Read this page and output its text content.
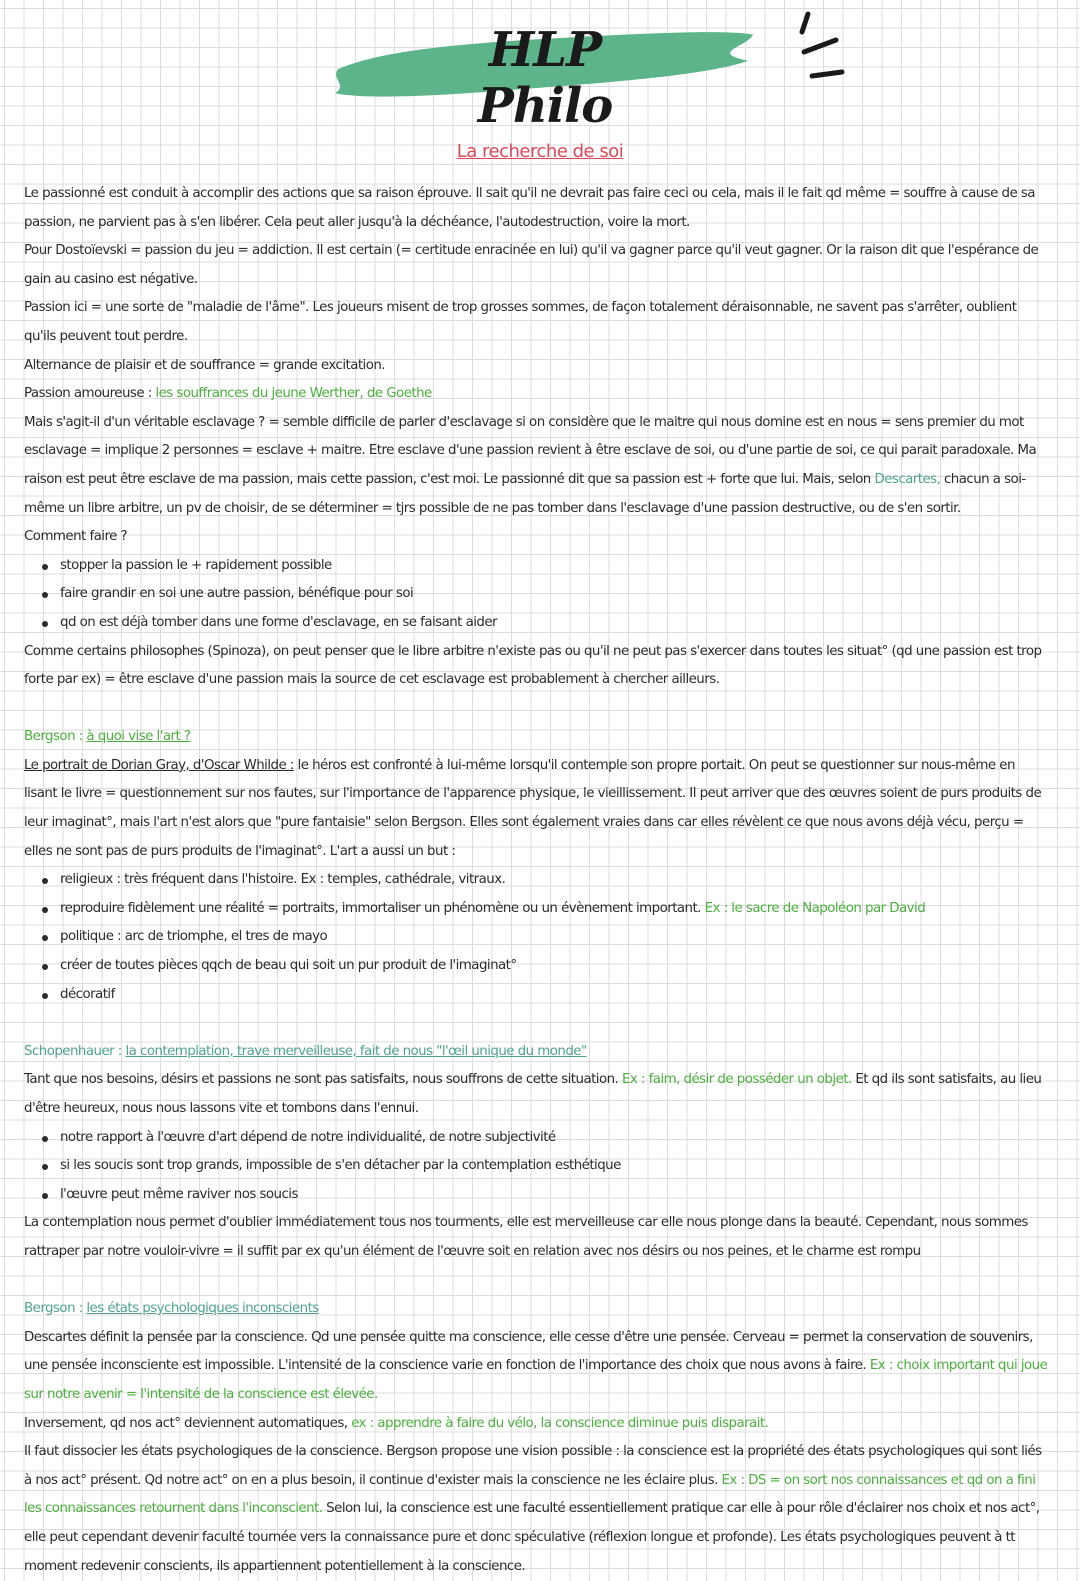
HLP Philo
La recherche de soi

Le passionné est conduit à accomplir des actions que sa raison éprouve. Il sait qu'il ne devrait pas faire ceci ou cela, mais il le fait qd même = souffre à cause de sa passion, ne parvient pas à s'en libérer. Cela peut aller jusqu'à la déchéance, l'autodestruction, voire la mort.

Pour Dostoïevski = passion du jeu = addiction. Il est certain (= certitude enracinée en lui) qu'il va gagner parce qu'il veut gagner. Or la raison dit que l'espérance de gain au casino est négative.

Passion ici = une sorte de "maladie de l'âme". Les joueurs misent de trop grosses sommes, de façon totalement déraisonnable, ne savent pas s'arrêter, oublient qu'ils peuvent tout perdre.

Alternance de plaisir et de souffrance = grande excitation.

Passion amoureuse : les souffrances du jeune Werther, de Goethe

Mais s'agit-il d'un véritable esclavage ? = semble difficile de parler d'esclavage si on considère que le maitre qui nous domine est en nous = sens premier du mot esclavage = implique 2 personnes = esclave + maitre. Etre esclave d'une passion revient à être esclave de soi, ou d'une partie de soi, ce qui parait paradoxale. Ma raison est peut être esclave de ma passion, mais cette passion, c'est moi. Le passionné dit que sa passion est + forte que lui. Mais, selon Descartes, chacun a soi-même un libre arbitre, un pv de choisir, de se déterminer = tjrs possible de ne pas tomber dans l'esclavage d'une passion destructive, ou de s'en sortir.

Comment faire ?

stopper la passion le + rapidement possible
faire grandir en soi une autre passion, bénéfique pour soi
qd on est déjà tomber dans une forme d'esclavage, en se faisant aider

Comme certains philosophes (Spinoza), on peut penser que le libre arbitre n'existe pas ou qu'il ne peut pas s'exercer dans toutes les situat° (qd une passion est trop forte par ex) = être esclave d'une passion mais la source de cet esclavage est probablement à chercher ailleurs.

Bergson : à quoi vise l'art ?

Le portrait de Dorian Gray, d'Oscar Whilde : le héros est confronté à lui-même lorsqu'il contemple son propre portait. On peut se questionner sur nous-même en lisant le livre = questionnement sur nos fautes, sur l'importance de l'apparence physique, le vieillissement. Il peut arriver que des œuvres soient de purs produits de leur imaginat°, mais l'art n'est alors que "pure fantaisie" selon Bergson. Elles sont également vraies dans car elles révèlent ce que nous avons déjà vécu, perçu = elles ne sont pas de purs produits de l'imaginat°. L'art a aussi un but :

religieux : très fréquent dans l'histoire. Ex : temples, cathédrale, vitraux.
reproduire fidèlement une réalité = portraits, immortaliser un phénomène ou un évènement important. Ex : le sacre de Napoléon par David
politique : arc de triomphe, el tres de mayo
créer de toutes pièces qqch de beau qui soit un pur produit de l'imaginat°
décoratif

Schopenhauer : la contemplation, trave merveilleuse, fait de nous "l'œil unique du monde"

Tant que nos besoins, désirs et passions ne sont pas satisfaits, nous souffrons de cette situation. Ex : faim, désir de posséder un objet. Et qd ils sont satisfaits, au lieu d'être heureux, nous nous lassons vite et tombons dans l'ennui.

notre rapport à l'œuvre d'art dépend de notre individualité, de notre subjectivité
si les soucis sont trop grands, impossible de s'en détacher par la contemplation esthétique
l'œuvre peut même raviver nos soucis

La contemplation nous permet d'oublier immédiatement tous nos tourments, elle est merveilleuse car elle nous plonge dans la beauté. Cependant, nous sommes rattraper par notre vouloir-vivre = il suffit par ex qu'un élément de l'œuvre soit en relation avec nos désirs ou nos peines, et le charme est rompu

Bergson : les états psychologiques inconscients

Descartes définit la pensée par la conscience. Qd une pensée quitte ma conscience, elle cesse d'être une pensée. Cerveau = permet la conservation de souvenirs, une pensée inconsciente est impossible. L'intensité de la conscience varie en fonction de l'importance des choix que nous avons à faire. Ex : choix important qui joue sur notre avenir = l'intensité de la conscience est élevée.

Inversement, qd nos act° deviennent automatiques, ex : apprendre à faire du vélo, la conscience diminue puis disparait.

Il faut dissocier les états psychologiques de la conscience. Bergson propose une vision possible : la conscience est la propriété des états psychologiques qui sont liés à nos act° présent. Qd notre act° on en a plus besoin, il continue d'exister mais la conscience ne les éclaire plus. Ex : DS = on sort nos connaissances et qd on a fini les connaissances retournent dans l'inconscient. Selon lui, la conscience est une faculté essentiellement pratique car elle à pour rôle d'éclairer nos choix et nos act°, elle peut cependant devenir faculté tournée vers la connaissance pure et donc spéculative (réflexion longue et profonde). Les états psychologiques peuvent à tt moment redevenir conscients, ils appartiennent potentiellement à la conscience.
